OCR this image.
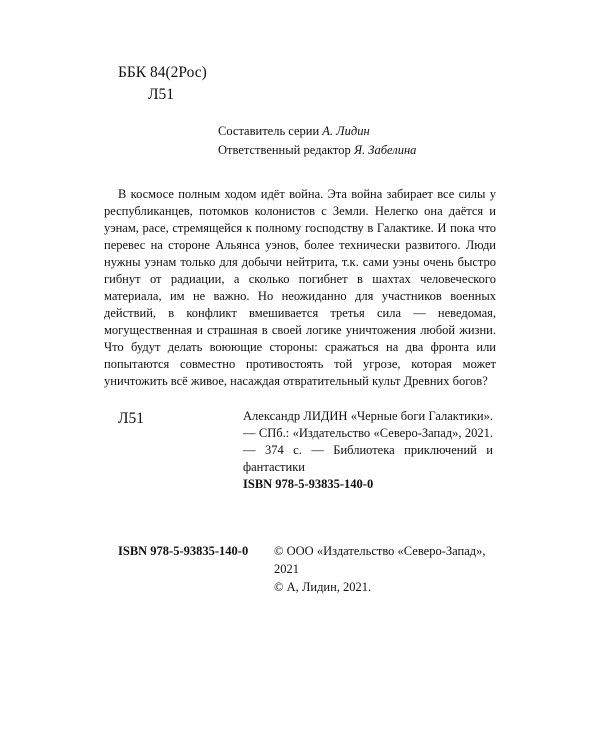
ББК 84(2Рос)
Л51
Составитель серии А. Лидин
Ответственный редактор Я. Забелина

В космосе полным ходом идёт война. Эта война забирает все силы у республиканцев, потомков колонистов с Земли. Нелегко она даётся и уэнам, расе, стремящейся к полному господству в Галактике. И пока что перевес на стороне Альянса уэнов, более технически развитого. Люди нужны уэнам только для добычи нейтрита, т.к. сами уэны очень быстро гибнут от радиации, а сколько погибнет в шахтах человеческого материала, им не важно. Но неожиданно для участников военных действий, в конфликт вмешивается третья сила — неведомая, могущественная и страшная в своей логике уничтожения любой жизни. Что будут делать воюющие стороны: сражаться на два фронта или попытаются совместно противостоять той угрозе, которая может уничтожить всё живое, насаждая отвратительный культ Древних богов?

Л51	Александр ЛИДИН «Черные боги Галактики». — СПб.: «Издательство «Северо-Запад», 2021. — 374 с. — Библиотека приключений и фантастики

ISBN 978-5-93835-140-0
ISBN 978-5-93835-140-0 © ООО «Издательство «Северо-Запад», 2021
© А, Лидин, 2021.
